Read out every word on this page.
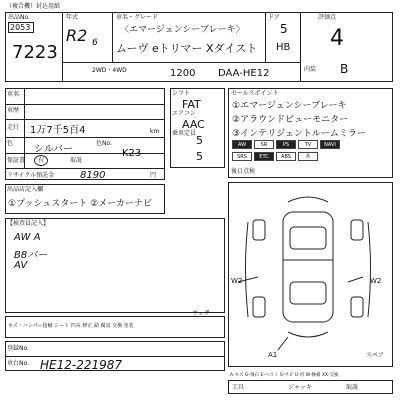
（複合機）封込用紙
出品No.
2053
7223
年式
R2 6
車名・グレード
〈エマージェンシーブレーキ〉
ムーヴ eトリマー Xダイスト
ドア
5
HB
評価点
4
内装 B
2WD・4WD	1200 DAA-HE12
車名
車歴
走行 1万7千5百4	km
色
シルバー
色No.
K23
保証書 有	取説
リサイクル預託金	8190	円
シフト
FAT
エアコン
AAC
乗車定員
5
5
セールスポイント
①エマージェンシーブレーキ
②アラウンドビューモニター
③インテリジェントルームミラー
AW	SR	PS	TV	NAVI
SRS	ETC	ABS	革
後日点検
出品店記入欄
①プッシュスタート ②メーカーナビ
【検査員記入】
AW A
B8バー
AV
キズ・バンパー接触 シート 凹み 修正 錆 腐食 交換 塗装
ウェザー
登録No.
車台No. HE12-221987
W2	W2
A1	スペア
A-キズ G-飛石 E-ヘコミ S-サビ U-凹 W-修補 XX-交換
工具	ジャッキ	取説
